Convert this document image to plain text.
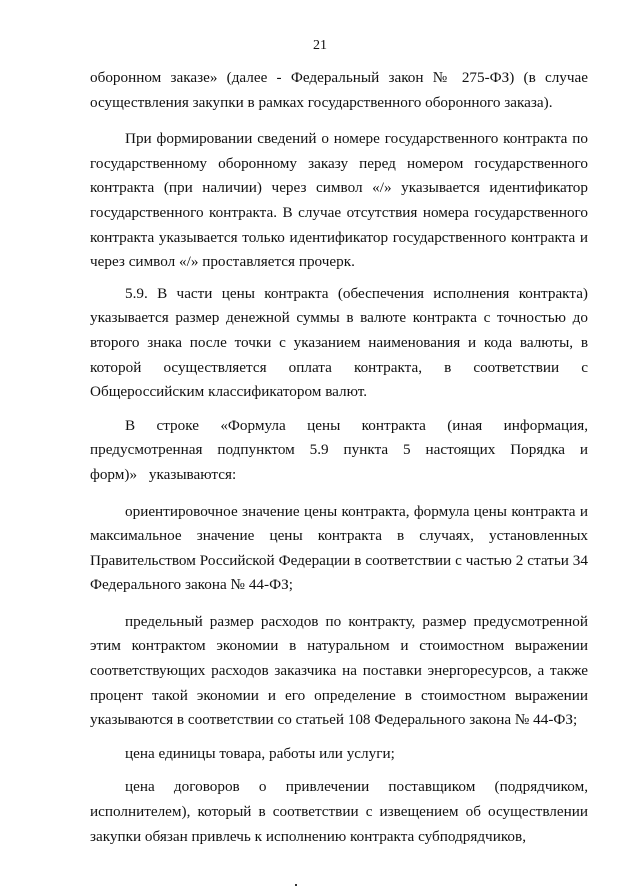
21

оборонном заказе» (далее - Федеральный закон № 275-ФЗ) (в случае осуществления закупки в рамках государственного оборонного заказа).

При формировании сведений о номере государственного контракта по государственному оборонному заказу перед номером государственного контракта (при наличии) через символ «/» указывается идентификатор государственного контракта. В случае отсутствия номера государственного контракта указывается только идентификатор государственного контракта и через символ «/» проставляется прочерк.

5.9. В части цены контракта (обеспечения исполнения контракта) указывается размер денежной суммы в валюте контракта с точностью до второго знака после точки с указанием наименования и кода валюты, в которой осуществляется оплата контракта, в соответствии с Общероссийским классификатором валют.

В строке «Формула цены контракта (иная информация, предусмотренная подпунктом 5.9 пункта 5 настоящих Порядка и форм)» указываются:

ориентировочное значение цены контракта, формула цены контракта и максимальное значение цены контракта в случаях, установленных Правительством Российской Федерации в соответствии с частью 2 статьи 34 Федерального закона № 44-ФЗ;

предельный размер расходов по контракту, размер предусмотренной этим контрактом экономии в натуральном и стоимостном выражении соответствующих расходов заказчика на поставки энергоресурсов, а также процент такой экономии и его определение в стоимостном выражении указываются в соответствии со статьей 108 Федерального закона № 44-ФЗ;

цена единицы товара, работы или услуги;

цена договоров о привлечении поставщиком (подрядчиком, исполнителем), который в соответствии с извещением об осуществлении закупки обязан привлечь к исполнению контракта субподрядчиков,
